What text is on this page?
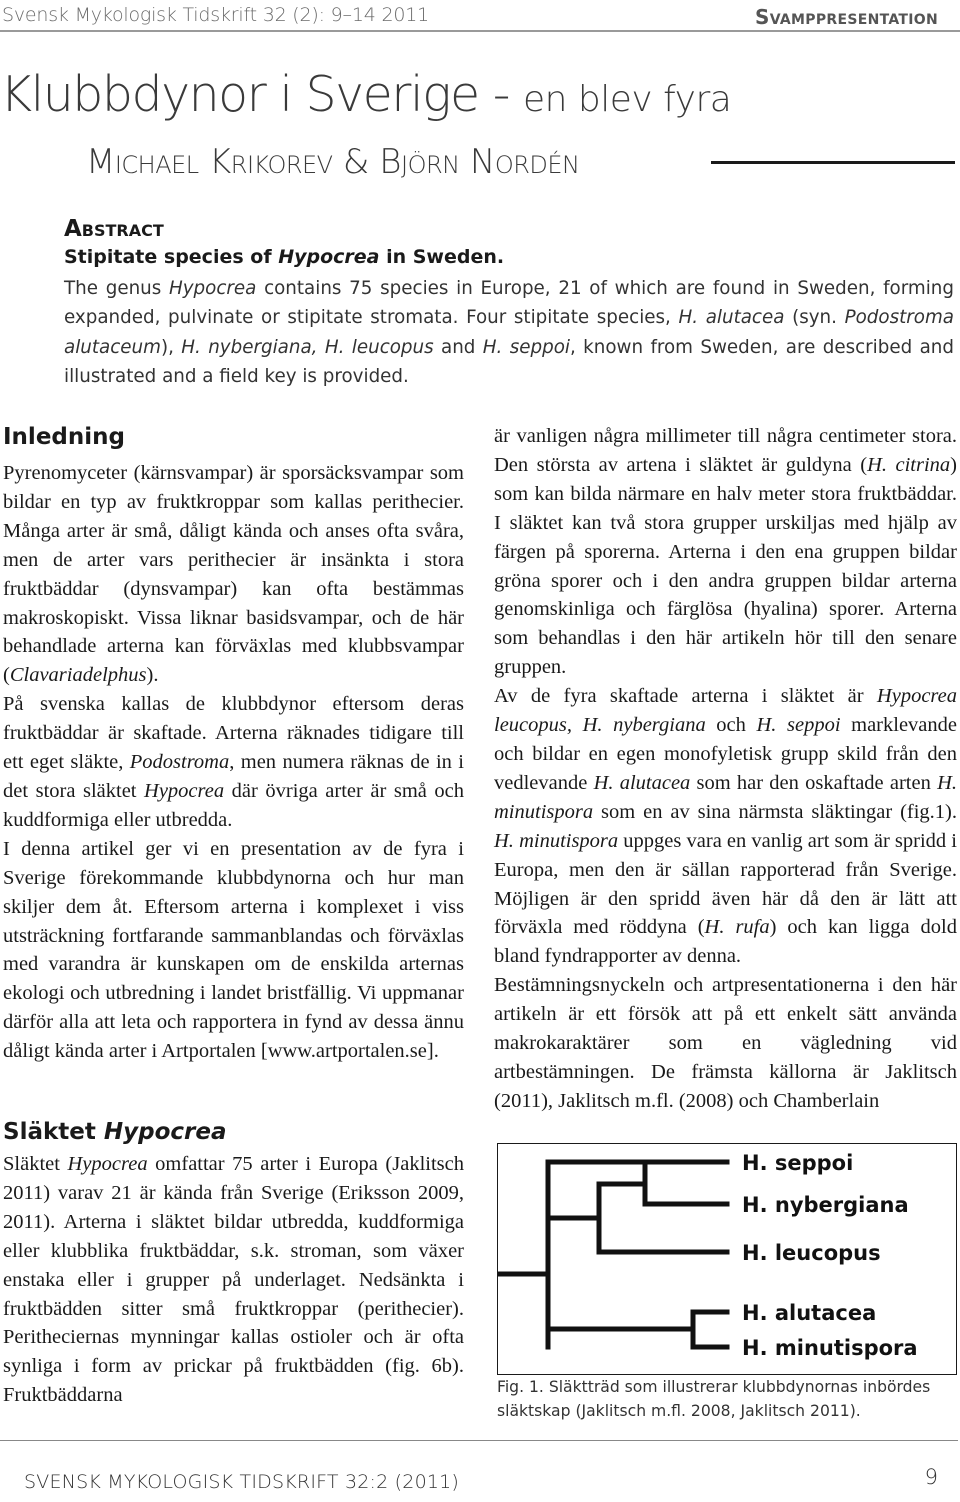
Svensk Mykologisk Tidskrift 32 (2): 9–14 2011	Svamppresentation
Klubbdynor i Sverige - en blev fyra
Michael Krikorev & Björn Nordén
Abstract
Stipitate species of Hypocrea in Sweden.
The genus Hypocrea contains 75 species in Europe, 21 of which are found in Sweden, forming expanded, pulvinate or stipitate stromata. Four stipitate species, H. alutacea (syn. Podostroma alutaceum), H. nybergiana, H. leucopus and H. seppoi, known from Sweden, are described and illustrated and a field key is provided.
Inledning

Pyrenomyceter (kärnsvampar) är sporsäcksvampar som bildar en typ av fruktkroppar som kallas perithecier. Många arter är små, dåligt kända och anses ofta svåra, men de arter vars perithecier är insänkta i stora fruktbäddar (dynsvampar) kan ofta bestämmas makroskopiskt. Vissa liknar basidsvampar, och de här behandlade arterna kan förväxlas med klubbsvampar (Clavariadelphus).

På svenska kallas de klubbdynor eftersom deras fruktbäddar är skaftade. Arterna räknades tidigare till ett eget släkte, Podostroma, men numera räknas de in i det stora släktet Hypocrea där övriga arter är små och kuddformiga eller utbredda.

I denna artikel ger vi en presentation av de fyra i Sverige förekommande klubbdynorna och hur man skiljer dem åt. Eftersom arterna i komplexet i viss utsträckning fortfarande sammanblandas och förväxlas med varandra är kunskapen om de enskilda arternas ekologi och utbredning i landet bristfällig. Vi uppmanar därför alla att leta och rapportera in fynd av dessa ännu dåligt kända arter i Artportalen [www.artportalen.se].

Släktet Hypocrea

Släktet Hypocrea omfattar 75 arter i Europa (Jaklitsch 2011) varav 21 är kända från Sverige (Eriksson 2009, 2011). Arterna i släktet bildar utbredda, kuddformiga eller klubblika fruktbäddar, s.k. stroman, som växer enstaka eller i grupper på underlaget. Nedsänkta i fruktbädden sitter små fruktkroppar (perithecier). Peritheciernas mynningar kallas ostioler och är ofta synliga i form av prickar på fruktbädden (fig. 6b). Fruktbäddarna

är vanligen några millimeter till några centimeter stora. Den största av artena i släktet är guldyna (H. citrina) som kan bilda närmare en halv meter stora fruktbäddar. I släktet kan två stora grupper urskiljas med hjälp av färgen på sporerna. Arterna i den ena gruppen bildar gröna sporer och i den andra gruppen bildar arterna genomskinliga och färglösa (hyalina) sporer. Arterna som behandlas i den här artikeln hör till den senare gruppen.

Av de fyra skaftade arterna i släktet är Hypocrea leucopus, H. nybergiana och H. seppoi marklevande och bildar en egen monofyletisk grupp skild från den vedlevande H. alutacea som har den oskaftade arten H. minutispora som en av sina närmsta släktingar (fig.1). H. minutispora uppges vara en vanlig art som är spridd i Europa, men den är sällan rapporterad från Sverige. Möjligen är den spridd även här då den är lätt att förväxla med röddyna (H. rufa) och kan ligga dold bland fyndrapporter av denna.

Bestämningsnyckeln och artpresentationerna i den här artikeln är ett försök att på ett enkelt sätt använda makrokaraktärer som en vägledning vid artbestämningen. De främsta källorna är Jaklitsch (2011), Jaklitsch m.fl. (2008) och Chamberlain

H. seppoi
H. nybergiana
H. leucopus
H. alutacea
H. minutispora
Fig. 1. Släktträd som illustrerar klubbdynornas inbördes släktskap (Jaklitsch m.fl. 2008, Jaklitsch 2011).
SVENSK MYKOLOGISK TIDSKRIFT 32:2 (2011)	9
